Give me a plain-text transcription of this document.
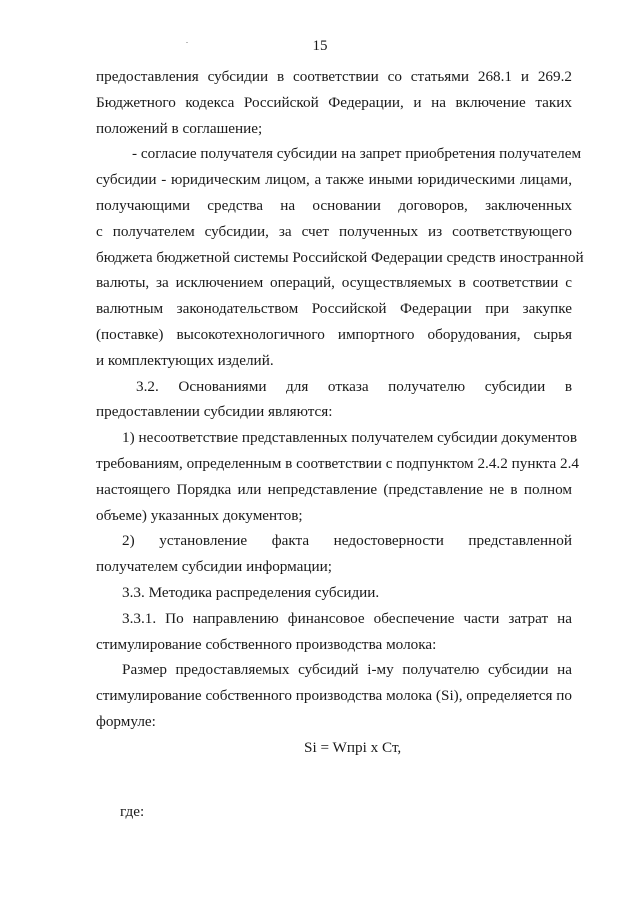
15
предоставления субсидии в соответствии со статьями 268.1 и 269.2
Бюджетного кодекса Российской Федерации, и на включение таких
положений в соглашение;
- согласие получателя субсидии на запрет приобретения получателем
субсидии - юридическим лицом, а также иными юридическими лицами,
получающими средства на основании договоров, заключенных
с получателем субсидии, за счет полученных из соответствующего
бюджета бюджетной системы Российской Федерации средств иностранной
валюты, за исключением операций, осуществляемых в соответствии с
валютным законодательством Российской Федерации при закупке
(поставке) высокотехнологичного импортного оборудования, сырья
и комплектующих изделий.
3.2. Основаниями для отказа получателю субсидии в
предоставлении субсидии являются:
1) несоответствие представленных получателем субсидии документов
требованиям, определенным в соответствии с подпунктом 2.4.2 пункта 2.4
настоящего Порядка или непредставление (представление не в полном
объеме) указанных документов;
2) установление факта недостоверности представленной
получателем субсидии информации;
3.3. Методика распределения субсидии.
3.3.1. По направлению финансовое обеспечение части затрат на
стимулирование собственного производства молока:
Размер предоставляемых субсидий i-му получателю субсидии на
стимулирование собственного производства молока (Si), определяется по
формуле:
Si = Wпрi x Ст,
где:
